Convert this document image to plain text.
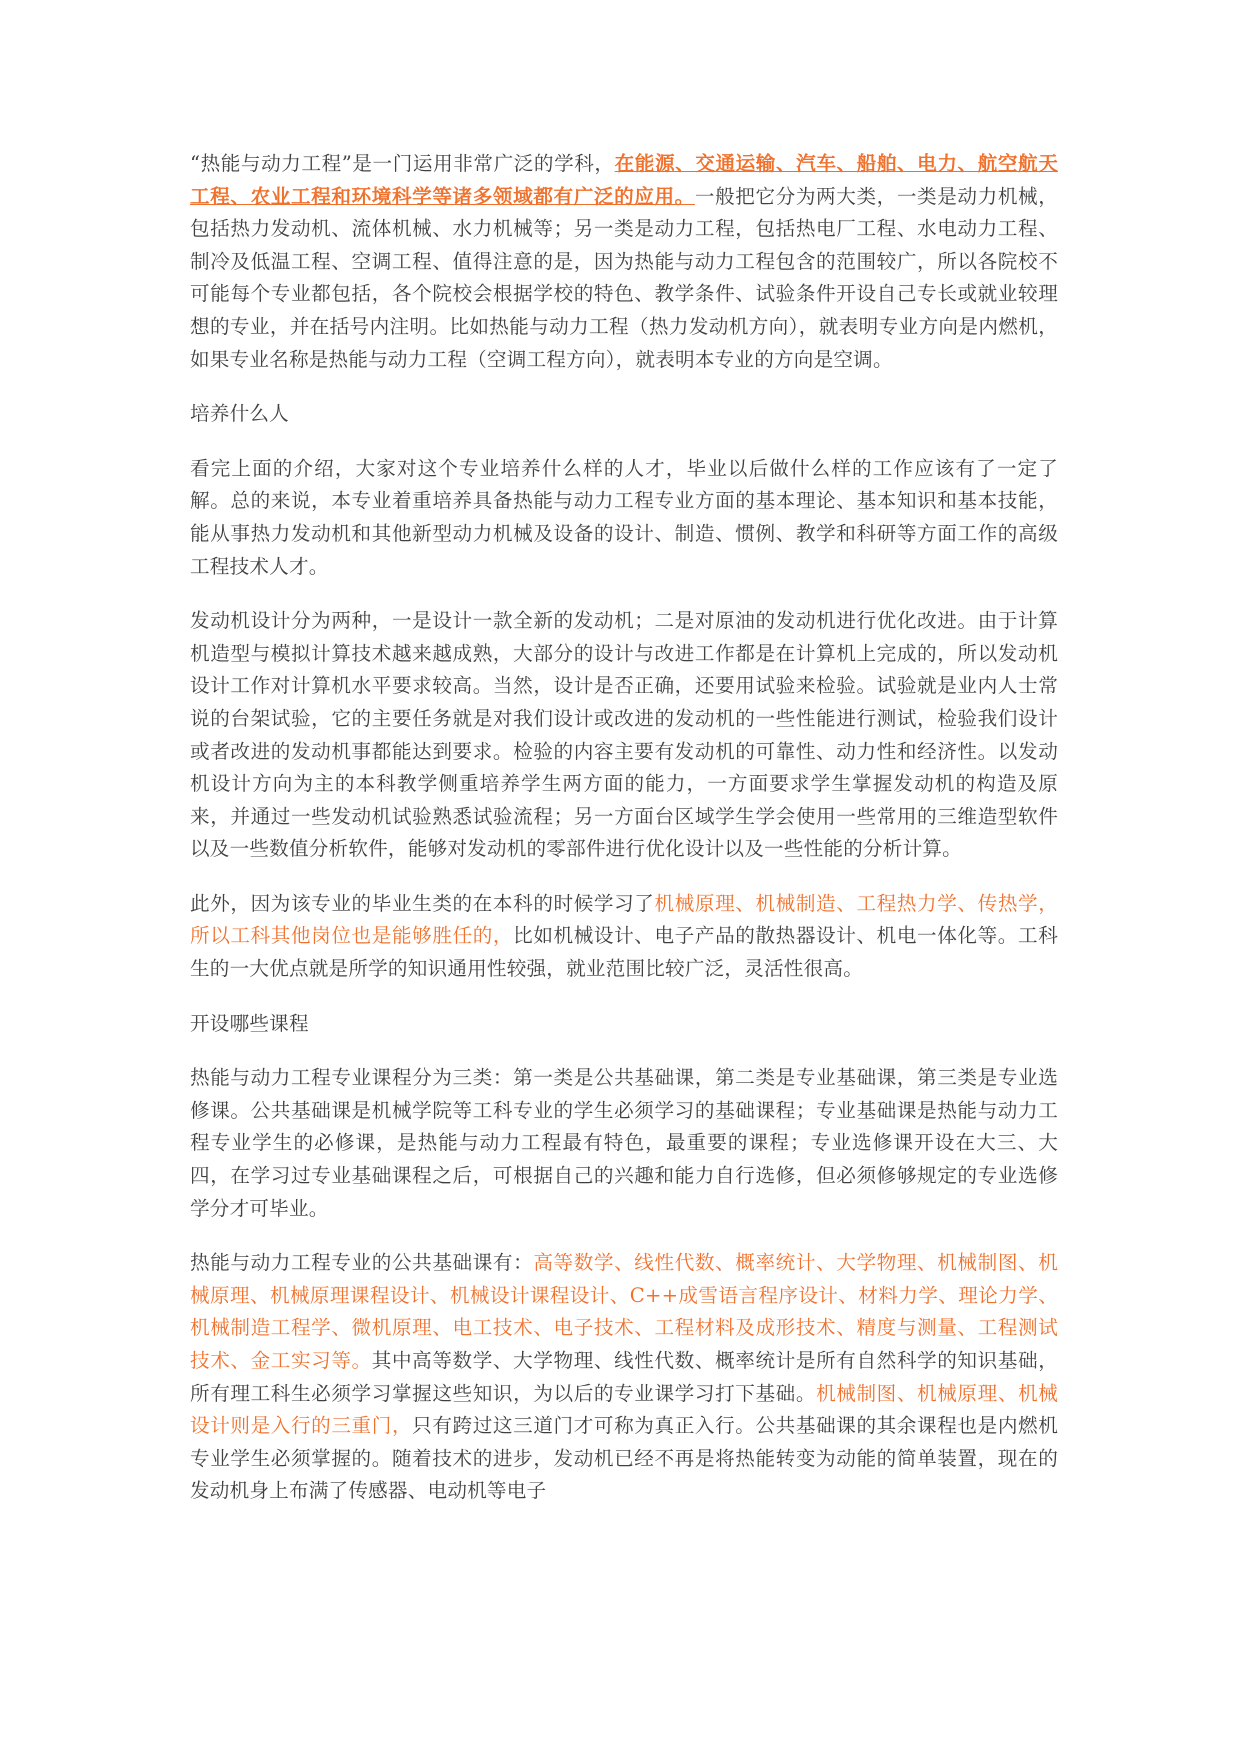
“热能与动力工程”是一门运用非常广泛的学科，在能源、交通运输、汽车、船舶、电力、航空航天工程、农业工程和环境科学等诸多领域都有广泛的应用。一般把它分为两大类，一类是动力机械，包括热力发动机、流体机械、水力机械等；另一类是动力工程，包括热电厂工程、水电动力工程、制冷及低温工程、空调工程、值得注意的是，因为热能与动力工程包含的范围较广，所以各院校不可能每个专业都包括，各个院校会根据学校的特色、教学条件、试验条件开设自己专长或就业较理想的专业，并在括号内注明。比如热能与动力工程（热力发动机方向），就表明专业方向是内燃机，如果专业名称是热能与动力工程（空调工程方向），就表明本专业的方向是空调。

培养什么人

看完上面的介绍，大家对这个专业培养什么样的人才，毕业以后做什么样的工作应该有了一定了解。总的来说，本专业着重培养具备热能与动力工程专业方面的基本理论、基本知识和基本技能，能从事热力发动机和其他新型动力机械及设备的设计、制造、惯例、教学和科研等方面工作的高级工程技术人才。

发动机设计分为两种，一是设计一款全新的发动机；二是对原油的发动机进行优化改进。由于计算机造型与模拟计算技术越来越成熟，大部分的设计与改进工作都是在计算机上完成的，所以发动机设计工作对计算机水平要求较高。当然，设计是否正确，还要用试验来检验。试验就是业内人士常说的台架试验，它的主要任务就是对我们设计或改进的发动机的一些性能进行测试，检验我们设计或者改进的发动机事都能达到要求。检验的内容主要有发动机的可靠性、动力性和经济性。以发动机设计方向为主的本科教学侧重培养学生两方面的能力，一方面要求学生掌握发动机的构造及原来，并通过一些发动机试验熟悉试验流程；另一方面台区域学生学会使用一些常用的三维造型软件以及一些数值分析软件，能够对发动机的零部件进行优化设计以及一些性能的分析计算。

此外，因为该专业的毕业生类的在本科的时候学习了机械原理、机械制造、工程热力学、传热学，所以工科其他岗位也是能够胜任的，比如机械设计、电子产品的散热器设计、机电一体化等。工科生的一大优点就是所学的知识通用性较强，就业范围比较广泛，灵活性很高。

开设哪些课程

热能与动力工程专业课程分为三类：第一类是公共基础课，第二类是专业基础课，第三类是专业选修课。公共基础课是机械学院等工科专业的学生必须学习的基础课程；专业基础课是热能与动力工程专业学生的必修课，是热能与动力工程最有特色，最重要的课程；专业选修课开设在大三、大四，在学习过专业基础课程之后，可根据自己的兴趣和能力自行选修，但必须修够规定的专业选修学分才可毕业。

热能与动力工程专业的公共基础课有：高等数学、线性代数、概率统计、大学物理、机械制图、机械原理、机械原理课程设计、机械设计课程设计、C++成雪语言程序设计、材料力学、理论力学、机械制造工程学、微机原理、电工技术、电子技术、工程材料及成形技术、精度与测量、工程测试技术、金工实习等。其中高等数学、大学物理、线性代数、概率统计是所有自然科学的知识基础，所有理工科生必须学习掌握这些知识，为以后的专业课学习打下基础。机械制图、机械原理、机械设计则是入行的三重门，只有跨过这三道门才可称为真正入行。公共基础课的其余课程也是内燃机专业学生必须掌握的。随着技术的进步，发动机已经不再是将热能转变为动能的简单装置，现在的发动机身上布满了传感器、电动机等电子
